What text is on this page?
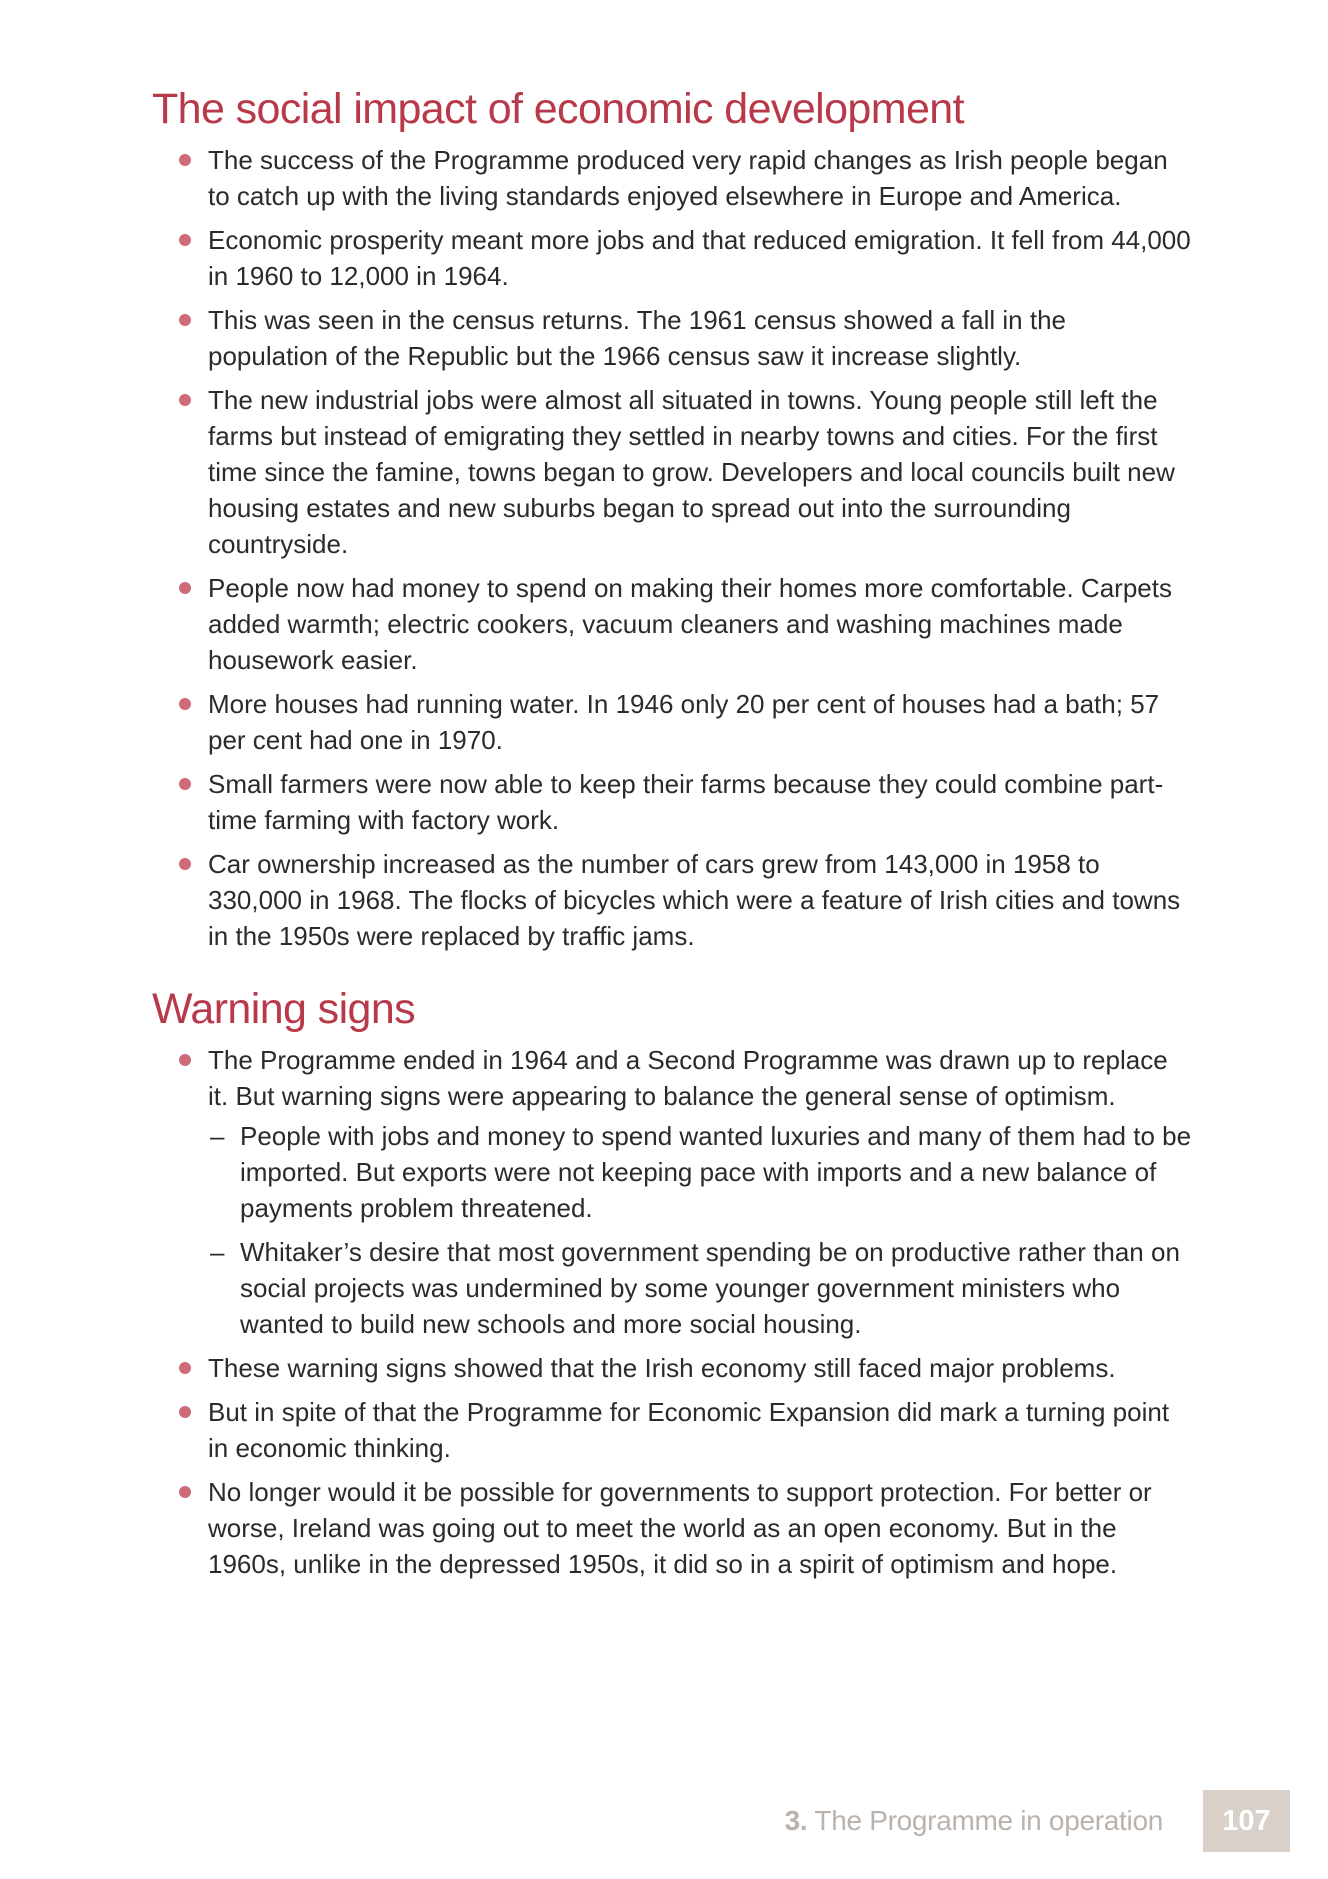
The social impact of economic development
The success of the Programme produced very rapid changes as Irish people began to catch up with the living standards enjoyed elsewhere in Europe and America.
Economic prosperity meant more jobs and that reduced emigration. It fell from 44,000 in 1960 to 12,000 in 1964.
This was seen in the census returns. The 1961 census showed a fall in the population of the Republic but the 1966 census saw it increase slightly.
The new industrial jobs were almost all situated in towns. Young people still left the farms but instead of emigrating they settled in nearby towns and cities. For the first time since the famine, towns began to grow. Developers and local councils built new housing estates and new suburbs began to spread out into the surrounding countryside.
People now had money to spend on making their homes more comfortable. Carpets added warmth; electric cookers, vacuum cleaners and washing machines made housework easier.
More houses had running water. In 1946 only 20 per cent of houses had a bath; 57 per cent had one in 1970.
Small farmers were now able to keep their farms because they could combine part-time farming with factory work.
Car ownership increased as the number of cars grew from 143,000 in 1958 to 330,000 in 1968. The flocks of bicycles which were a feature of Irish cities and towns in the 1950s were replaced by traffic jams.
Warning signs
The Programme ended in 1964 and a Second Programme was drawn up to replace it. But warning signs were appearing to balance the general sense of optimism.
– People with jobs and money to spend wanted luxuries and many of them had to be imported. But exports were not keeping pace with imports and a new balance of payments problem threatened.
– Whitaker’s desire that most government spending be on productive rather than on social projects was undermined by some younger government ministers who wanted to build new schools and more social housing.
These warning signs showed that the Irish economy still faced major problems.
But in spite of that the Programme for Economic Expansion did mark a turning point in economic thinking.
No longer would it be possible for governments to support protection. For better or worse, Ireland was going out to meet the world as an open economy. But in the 1960s, unlike in the depressed 1950s, it did so in a spirit of optimism and hope.
3. The Programme in operation	107
